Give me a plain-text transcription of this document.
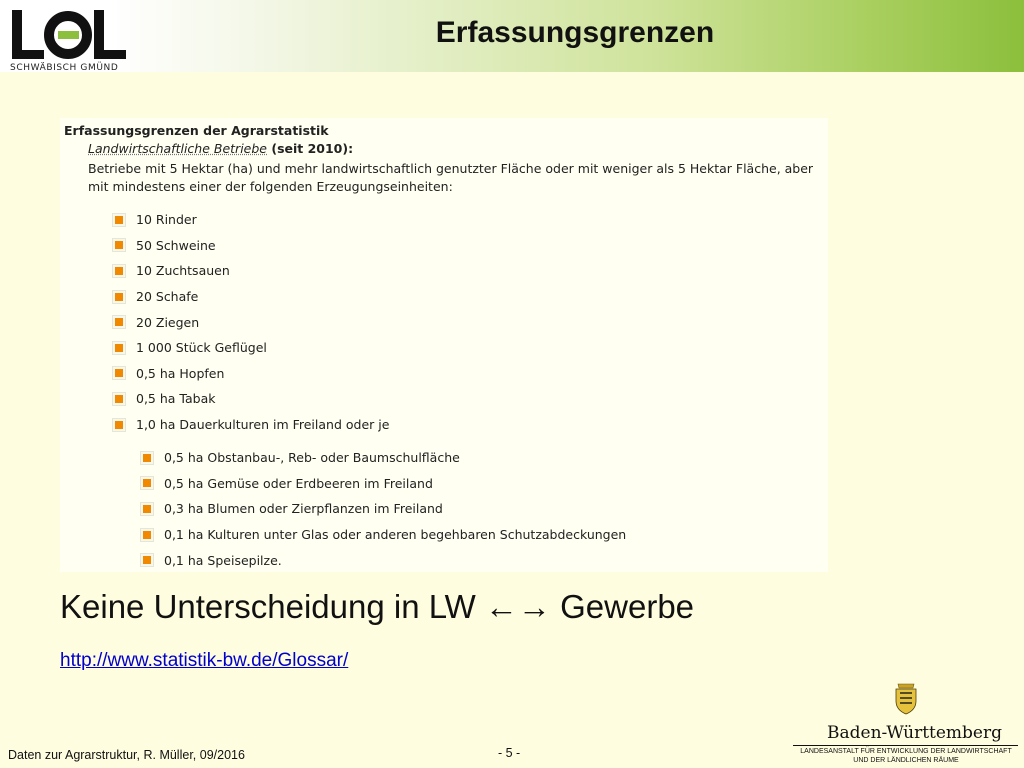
SCHWÄBISCH GMÜND
Erfassungsgrenzen
Erfassungsgrenzen der Agrarstatistik
Landwirtschaftliche Betriebe (seit 2010):
Betriebe mit 5 Hektar (ha) und mehr landwirtschaftlich genutzter Fläche oder mit weniger als 5 Hektar Fläche, aber mit mindestens einer der folgenden Erzeugungseinheiten:
10 Rinder
50 Schweine
10 Zuchtsauen
20 Schafe
20 Ziegen
1 000 Stück Geflügel
0,5 ha Hopfen
0,5 ha Tabak
1,0 ha Dauerkulturen im Freiland oder je
0,5 ha Obstanbau-, Reb- oder Baumschulfläche
0,5 ha Gemüse oder Erdbeeren im Freiland
0,3 ha Blumen oder Zierpflanzen im Freiland
0,1 ha Kulturen unter Glas oder anderen begehbaren Schutzabdeckungen
0,1 ha Speisepilze.
Keine Unterscheidung in LW ←→ Gewerbe
http://www.statistik-bw.de/Glossar/
Daten zur Agrarstruktur, R. Müller, 09/2016	- 5 -
Baden-Württemberg
LANDESANSTALT FÜR ENTWICKLUNG DER LANDWIRTSCHAFT
UND DER LÄNDLICHEN RÄUME
